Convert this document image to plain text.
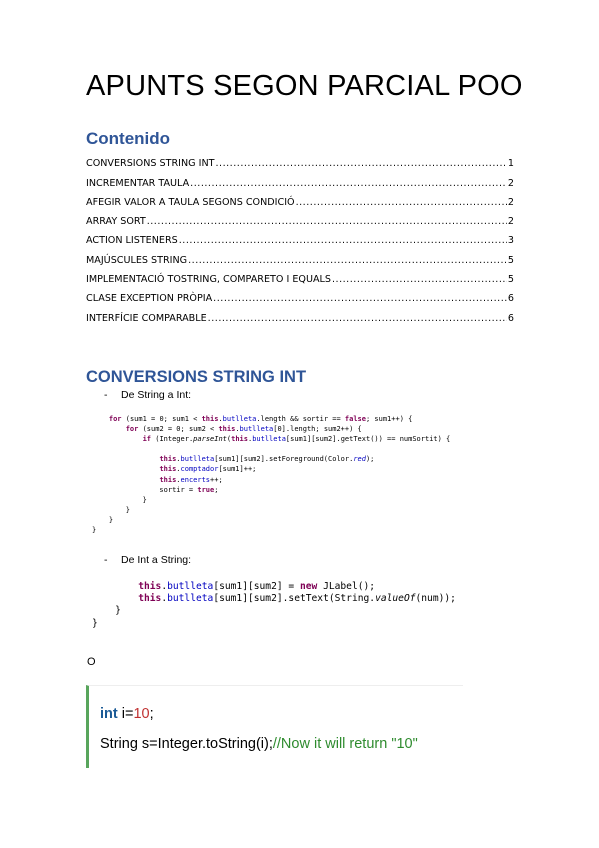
APUNTS SEGON PARCIAL POO
Contenido
CONVERSIONS STRING INT .....	1
INCREMENTAR TAULA .....	2
AFEGIR VALOR A TAULA SEGONS CONDICIÓ .....	2
ARRAY SORT .....	2
ACTION LISTENERS .....	3
MAJÚSCULES STRING .....	5
IMPLEMENTACIÓ TOSTRING, COMPARETO I EQUALS .....	5
CLASE EXCEPTION PRÒPIA .....	6
INTERFÍCIE COMPARABLE .....	6
CONVERSIONS STRING INT
- De String a Int:
for (sum1 = 0; sum1 < this.butlleta.length && sortir == false; sum1++) {
for (sum2 = 0; sum2 < this.butlleta[0].length; sum2++) {
if (Integer.parseInt(this.butlleta[sum1][sum2].getText()) == numSortit) {

this.butlleta[sum1][sum2].setForeground(Color.red);
this.comptador[sum1]++;
this.encerts++;
sortir = true;
}
}
}
}
- De Int a String:
this.butlleta[sum1][sum2] = new JLabel();
this.butlleta[sum1][sum2].setText(String.valueOf(num));
}
}
O
int i=10;
String s=Integer.toString(i);//Now it will return "10"
